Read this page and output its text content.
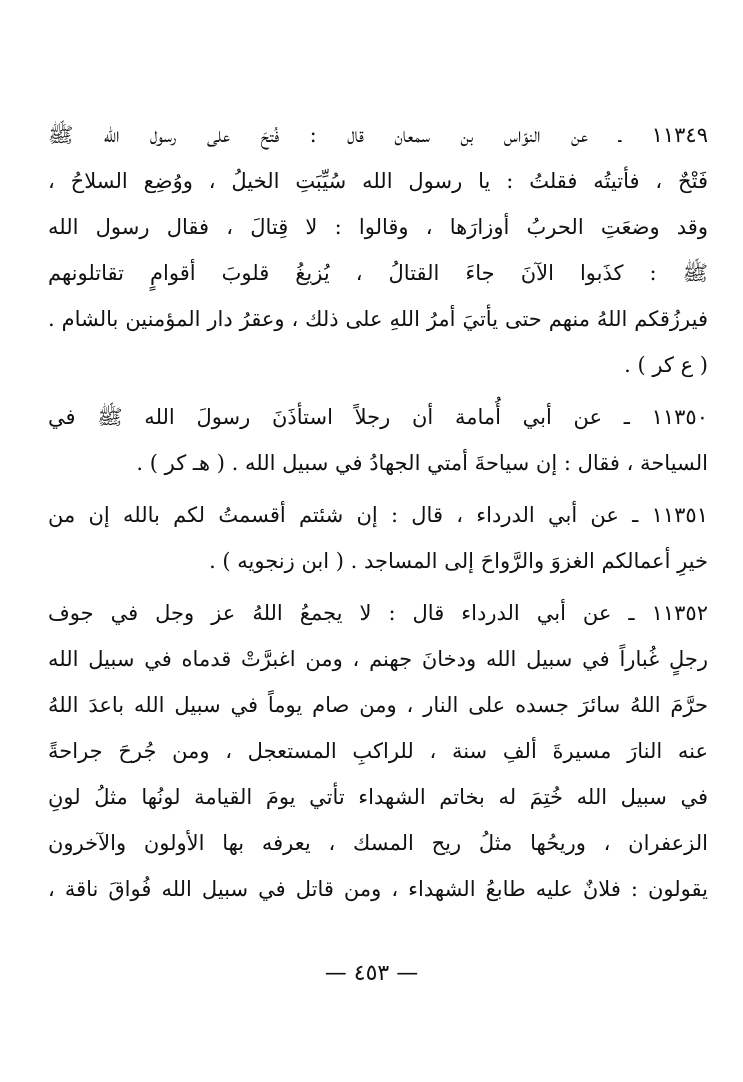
١١٣٤٩ ـ عن النوّاس بن سمعان قال : فُتحَ على رسول الله ﷺ
فَتْحٌ ، فأتيتُه فقلتُ : يا رسول الله سُيِّبَتِ الخيلُ ، ووُضِع السلاحُ ،
وقد وضعَتِ الحربُ أوزارَها ، وقالوا : لا قِتالَ ، فقال رسول الله
ﷺ : كذَبوا الآنَ جاءَ القتالُ ، يُزيغُ قلوبَ أقوامٍ تقاتلونهم
فيرزُقكم اللهُ منهم حتى يأتيَ أمرُ اللهِ على ذلك ، وعقرُ دار المؤمنين بالشام .
( ع كر ) .
١١٣٥٠ ـ عن أبي أُمامة أن رجلاً استأذَنَ رسولَ الله ﷺ في
السياحة ، فقال : إن سياحةَ أمتي الجهادُ في سبيل الله . ( هـ كر ) .
١١٣٥١ ـ عن أبي الدرداء ، قال : إن شئتم أقسمتُ لكم بالله إن من
خيرِ أعمالكم الغزوَ والرَّواحَ إلى المساجد . ( ابن زنجويه ) .
١١٣٥٢ ـ عن أبي الدرداء قال : لا يجمعُ اللهُ عز وجل في جوف
رجلٍ غُباراً في سبيل الله ودخانَ جهنم ، ومن اغبرَّتْ قدماه في سبيل الله
حرَّمَ اللهُ سائرَ جسده على النار ، ومن صام يوماً في سبيل الله باعدَ اللهُ
عنه النارَ مسيرةَ ألفِ سنة ، للراكبِ المستعجل ، ومن جُرحَ جراحةً
في سبيل الله خُتِمَ له بخاتم الشهداء تأتي يومَ القيامة لونُها مثلُ لونِ
الزعفران ، وريحُها مثلُ ريح المسك ، يعرفه بها الأولون والآخرون
يقولون : فلانٌ عليه طابعُ الشهداء ، ومن قاتل في سبيل الله فُواقَ ناقة ،
— ٤٥٣ —
